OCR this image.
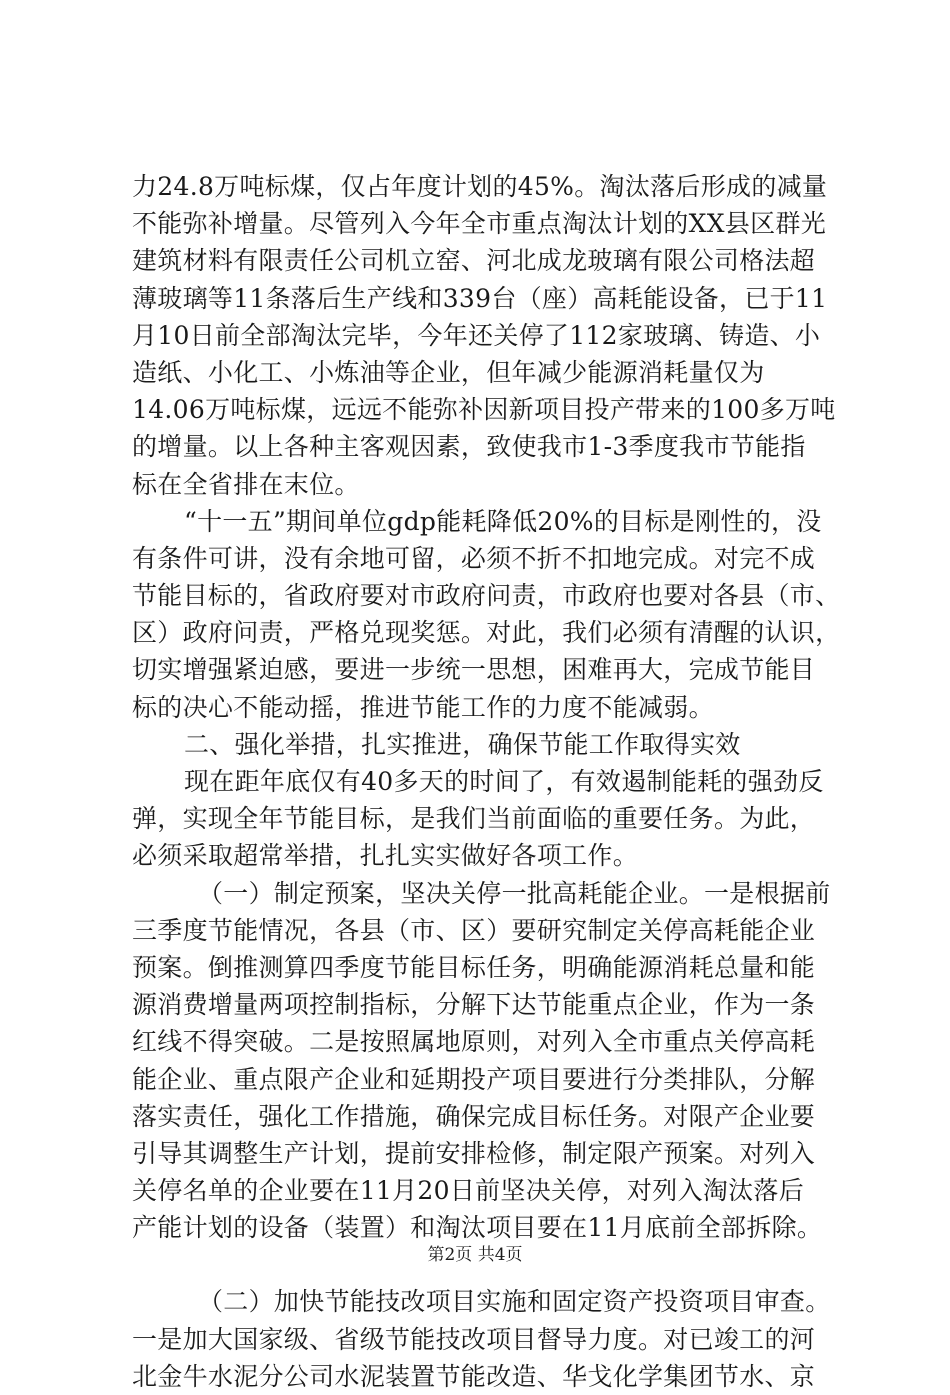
力24.8万吨标煤，仅占年度计划的45%。淘汰落后形成的减量
不能弥补增量。尽管列入今年全市重点淘汰计划的XX县区群光
建筑材料有限责任公司机立窑、河北成龙玻璃有限公司格法超
薄玻璃等11条落后生产线和339台（座）高耗能设备，已于11
月10日前全部淘汰完毕，今年还关停了112家玻璃、铸造、小
造纸、小化工、小炼油等企业，但年减少能源消耗量仅为
14.06万吨标煤，远远不能弥补因新项目投产带来的100多万吨
的增量。以上各种主客观因素，致使我市1-3季度我市节能指
标在全省排在末位。
“十一五”期间单位gdp能耗降低20%的目标是刚性的，没
有条件可讲，没有余地可留，必须不折不扣地完成。对完不成
节能目标的，省政府要对市政府问责，市政府也要对各县（市、
区）政府问责，严格兑现奖惩。对此，我们必须有清醒的认识，
切实增强紧迫感，要进一步统一思想，困难再大，完成节能目
标的决心不能动摇，推进节能工作的力度不能减弱。
二、强化举措，扎实推进，确保节能工作取得实效
现在距年底仅有40多天的时间了，有效遏制能耗的强劲反
弹，实现全年节能目标，是我们当前面临的重要任务。为此，
必须采取超常举措，扎扎实实做好各项工作。
（一）制定预案，坚决关停一批高耗能企业。一是根据前
三季度节能情况，各县（市、区）要研究制定关停高耗能企业
预案。倒推测算四季度节能目标任务，明确能源消耗总量和能
源消费增量两项控制指标，分解下达节能重点企业，作为一条
红线不得突破。二是按照属地原则，对列入全市重点关停高耗
能企业、重点限产企业和延期投产项目要进行分类排队，分解
落实责任，强化工作措施，确保完成目标任务。对限产企业要
引导其调整生产计划，提前安排检修，制定限产预案。对列入
关停名单的企业要在11月20日前坚决关停，对列入淘汰落后
产能计划的设备（装置）和淘汰项目要在11月底前全部拆除。
（二）加快节能技改项目实施和固定资产投资项目审查。
一是加大国家级、省级节能技改项目督导力度。对已竣工的河
北金牛水泥分公司水泥装置节能改造、华戈化学集团节水、京
第2页 共4页
